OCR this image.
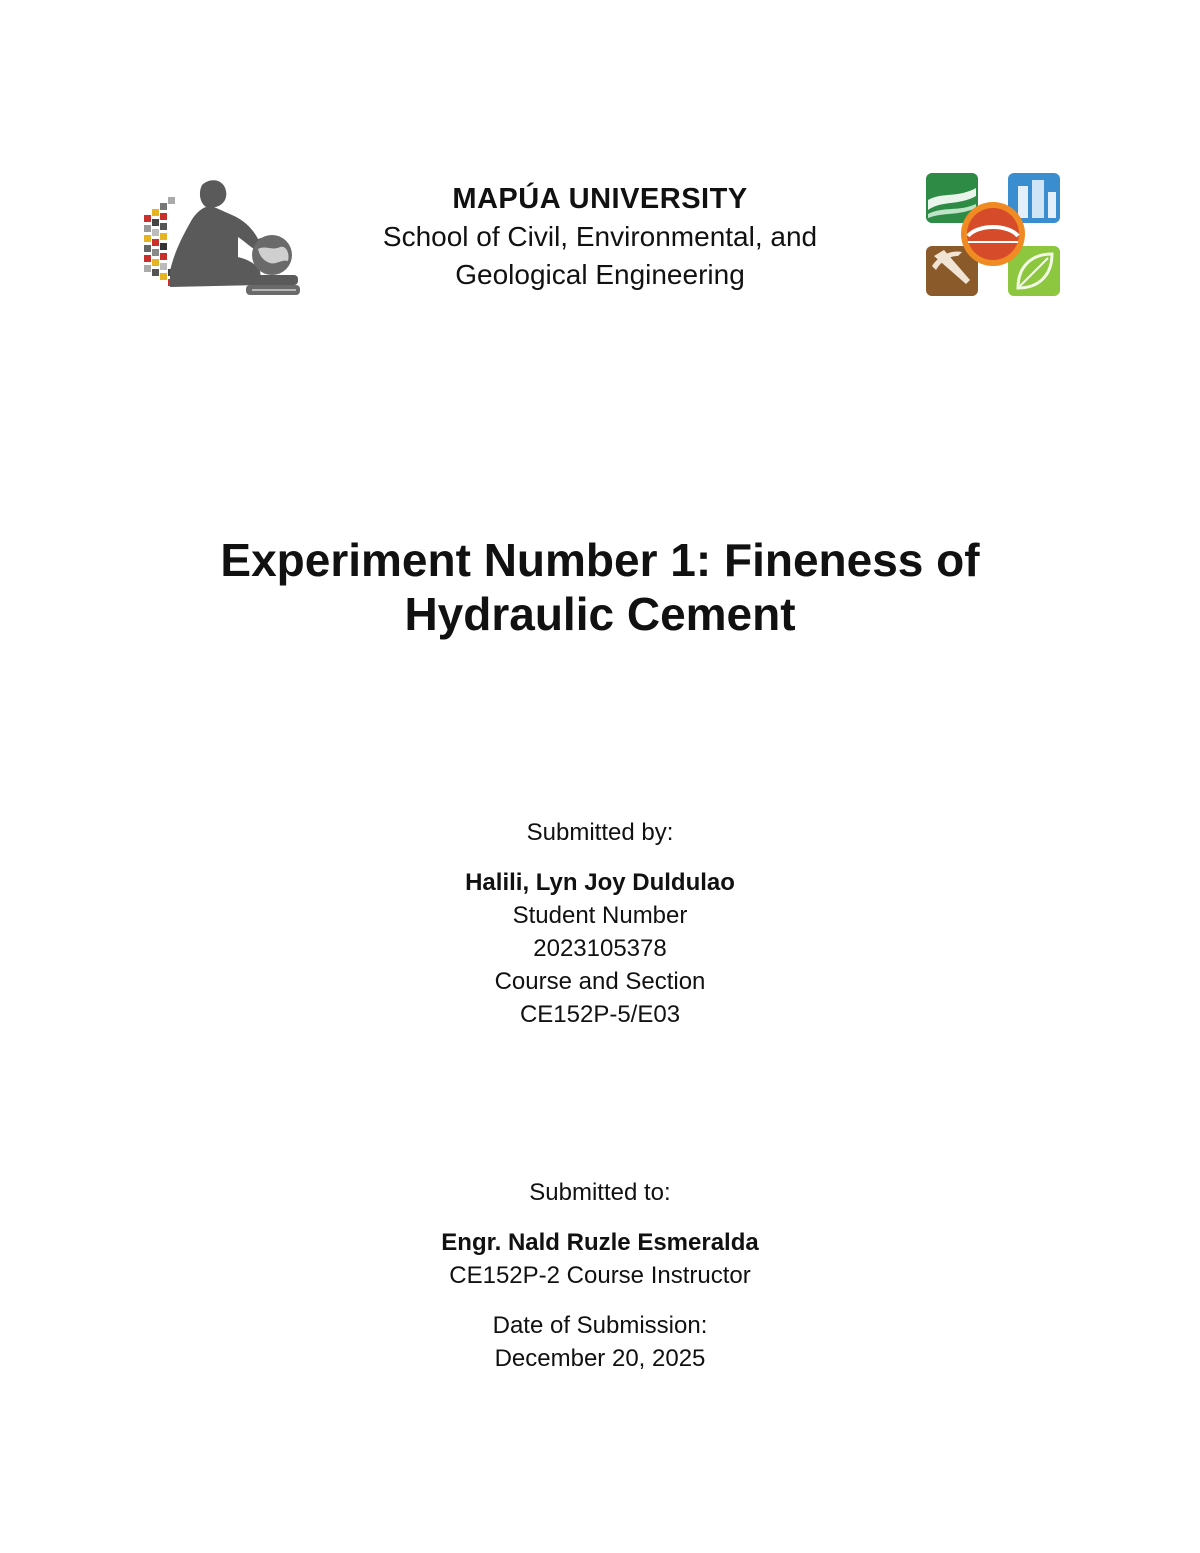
MAPÚA UNIVERSITY
School of Civil, Environmental, and
Geological Engineering
Experiment Number 1: Fineness of
Hydraulic Cement
Submitted by:
Halili, Lyn Joy Duldulao
Student Number
2023105378
Course and Section
CE152P-5/E03
Submitted to:
Engr. Nald Ruzle Esmeralda
CE152P-2 Course Instructor
Date of Submission:
December 20, 2025
